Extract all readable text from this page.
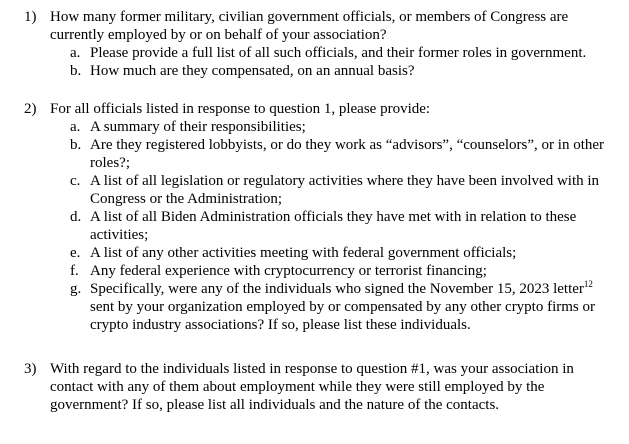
1) How many former military, civilian government officials, or members of Congress are currently employed by or on behalf of your association?
a. Please provide a full list of all such officials, and their former roles in government.
b. How much are they compensated, on an annual basis?
2) For all officials listed in response to question 1, please provide:
a. A summary of their responsibilities;
b. Are they registered lobbyists, or do they work as “advisors”, “counselors”, or in other roles?;
c. A list of all legislation or regulatory activities where they have been involved with in Congress or the Administration;
d. A list of all Biden Administration officials they have met with in relation to these activities;
e. A list of any other activities meeting with federal government officials;
f. Any federal experience with cryptocurrency or terrorist financing;
g. Specifically, were any of the individuals who signed the November 15, 2023 letter$^{12}$ sent by your organization employed by or compensated by any other crypto firms or crypto industry associations? If so, please list these individuals.
3) With regard to the individuals listed in response to question #1, was your association in contact with any of them about employment while they were still employed by the government? If so, please list all individuals and the nature of the contacts.
